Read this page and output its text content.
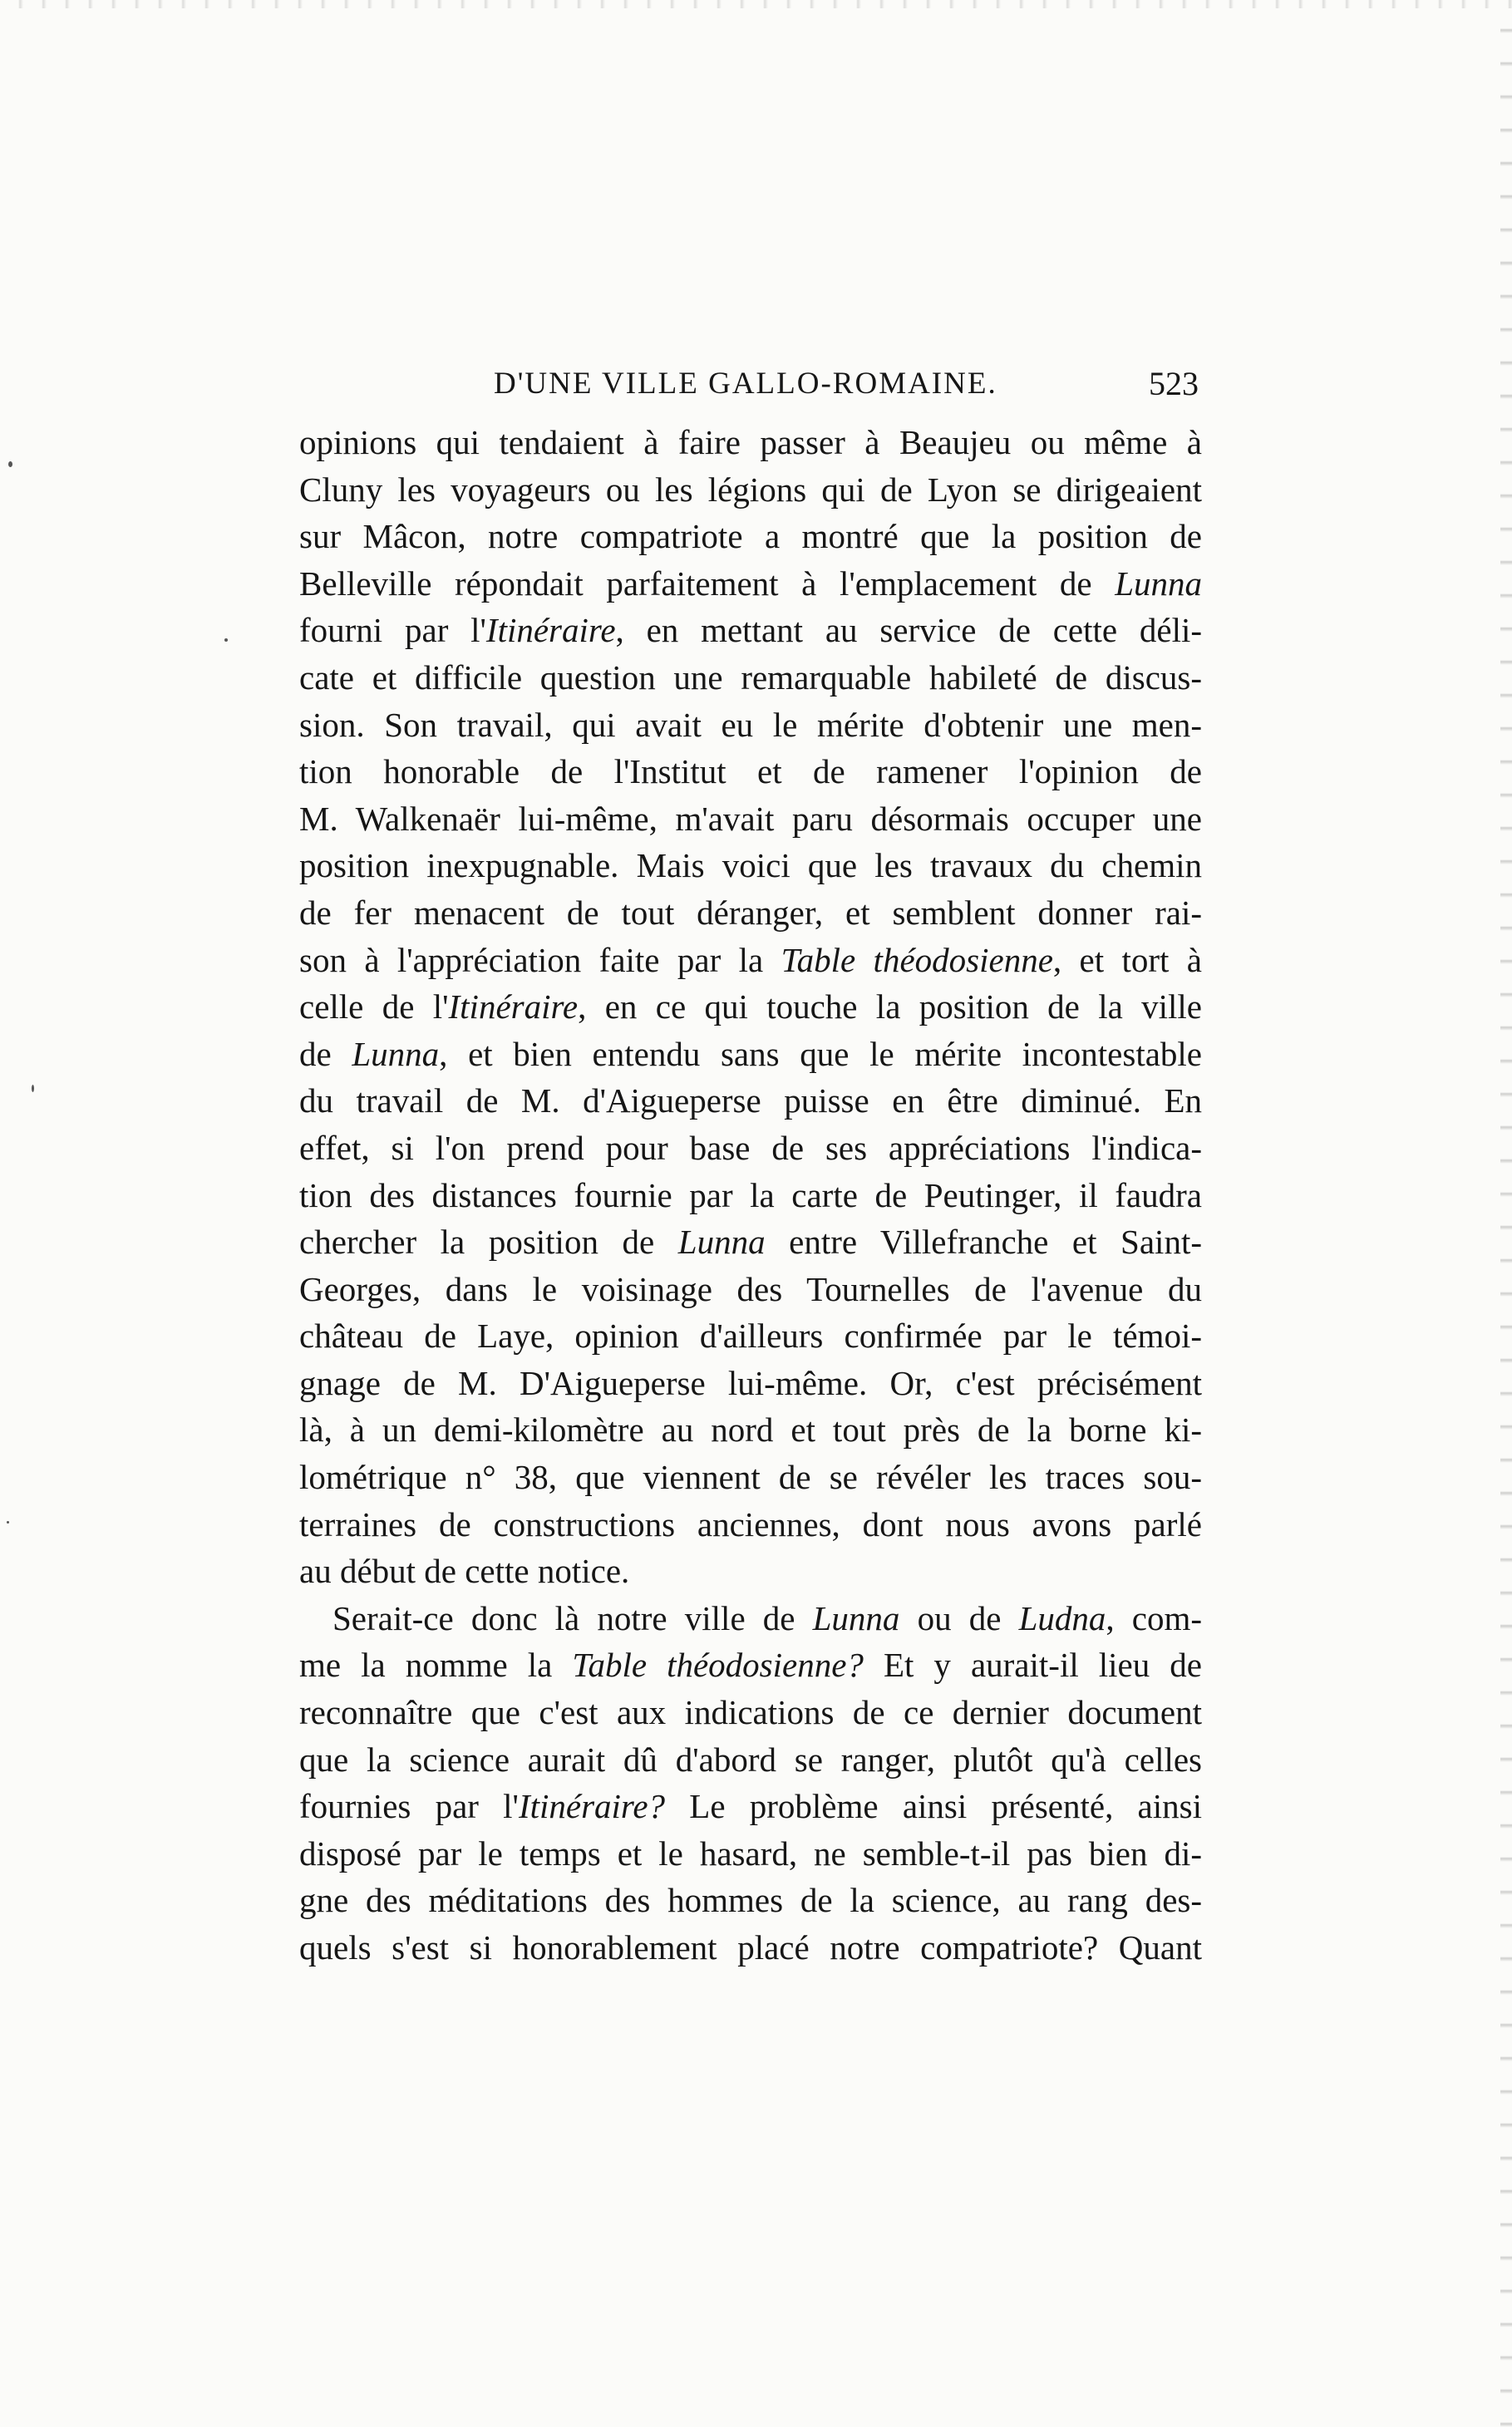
D'UNE VILLE GALLO-ROMAINE.	523
opinions qui tendaient à faire passer à Beaujeu ou même à
Cluny les voyageurs ou les légions qui de Lyon se dirigeaient
sur Mâcon, notre compatriote a montré que la position de
Belleville répondait parfaitement à l'emplacement de Lunna
fourni par l'Itinéraire, en mettant au service de cette déli-
cate et difficile question une remarquable habileté de discus-
sion. Son travail, qui avait eu le mérite d'obtenir une men-
tion honorable de l'Institut et de ramener l'opinion de
M. Walkenaër lui-même, m'avait paru désormais occuper une
position inexpugnable. Mais voici que les travaux du chemin
de fer menacent de tout déranger, et semblent donner rai-
son à l'appréciation faite par la Table théodosienne, et tort à
celle de l'Itinéraire, en ce qui touche la position de la ville
de Lunna, et bien entendu sans que le mérite incontestable
du travail de M. d'Aigueperse puisse en être diminué. En
effet, si l'on prend pour base de ses appréciations l'indica-
tion des distances fournie par la carte de Peutinger, il faudra
chercher la position de Lunna entre Villefranche et Saint-
Georges, dans le voisinage des Tournelles de l'avenue du
château de Laye, opinion d'ailleurs confirmée par le témoi-
gnage de M. D'Aigueperse lui-même. Or, c'est précisément
là, à un demi-kilomètre au nord et tout près de la borne ki-
lométrique n° 38, que viennent de se révéler les traces sou-
terraines de constructions anciennes, dont nous avons parlé
au début de cette notice.
Serait-ce donc là notre ville de Lunna ou de Ludna, com-
me la nomme la Table théodosienne? Et y aurait-il lieu de
reconnaître que c'est aux indications de ce dernier document
que la science aurait dû d'abord se ranger, plutôt qu'à celles
fournies par l'Itinéraire? Le problème ainsi présenté, ainsi
disposé par le temps et le hasard, ne semble-t-il pas bien di-
gne des méditations des hommes de la science, au rang des-
quels s'est si honorablement placé notre compatriote? Quant
